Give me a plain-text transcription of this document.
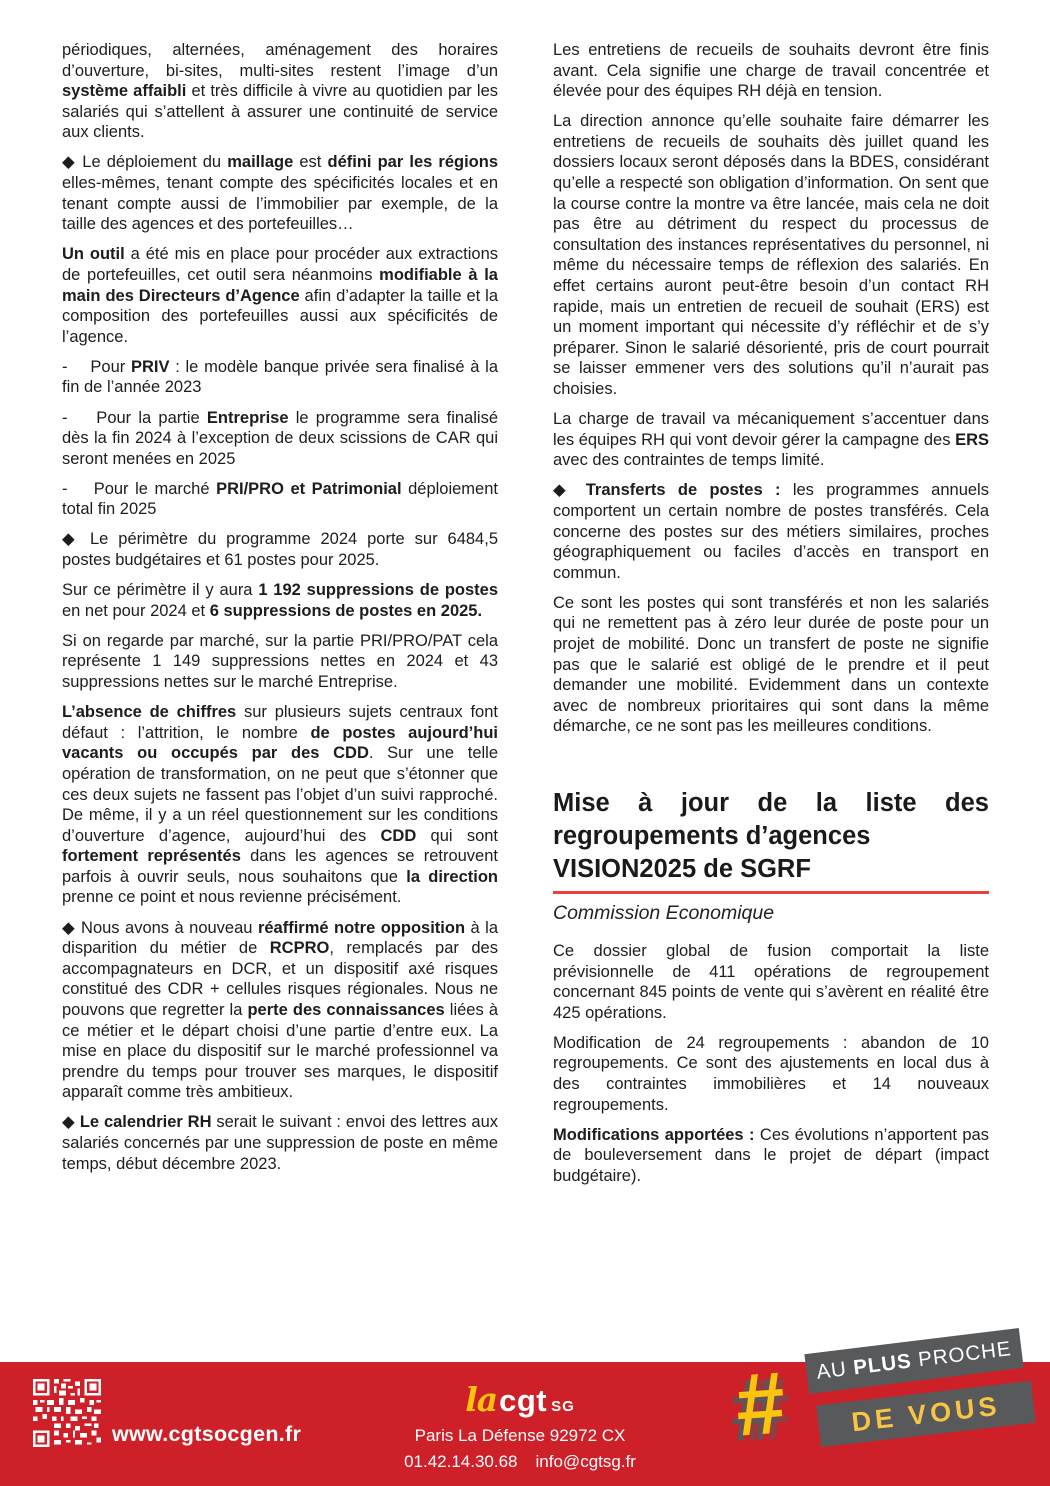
périodiques, alternées, aménagement des horaires d’ouverture, bi-sites, multi-sites restent l’image d’un système affaibli et très difficile à vivre au quotidien par les salariés qui s’attellent à assurer une continuité de service aux clients.

◆ Le déploiement du maillage est défini par les régions elles-mêmes, tenant compte des spécificités locales et en tenant compte aussi de l’immobilier par exemple, de la taille des agences et des portefeuilles…

Un outil a été mis en place pour procéder aux extractions de portefeuilles, cet outil sera néanmoins modifiable à la main des Directeurs d’Agence afin d’adapter la taille et la composition des portefeuilles aussi aux spécificités de l’agence.

-    Pour PRIV : le modèle banque privée sera finalisé à la fin de l’année 2023

-    Pour la partie Entreprise le programme sera finalisé dès la fin 2024 à l’exception de deux scissions de CAR qui seront menées en 2025

-    Pour le marché PRI/PRO et Patrimonial déploiement total fin 2025

◆ Le périmètre du programme 2024 porte sur 6484,5 postes budgétaires et 61 postes pour 2025.

Sur ce périmètre il y aura 1 192 suppressions de postes en net pour 2024 et 6 suppressions de postes en 2025.

Si on regarde par marché, sur la partie PRI/PRO/PAT cela représente 1 149 suppressions nettes en 2024 et 43 suppressions nettes sur le marché Entreprise.

L’absence de chiffres sur plusieurs sujets centraux font défaut : l’attrition, le nombre de postes aujourd’hui vacants ou occupés par des CDD. Sur une telle opération de transformation, on ne peut que s’étonner que ces deux sujets ne fassent pas l’objet d’un suivi rapproché. De même, il y a un réel questionnement sur les conditions d’ouverture d’agence, aujourd’hui des CDD qui sont fortement représentés dans les agences se retrouvent parfois à ouvrir seuls, nous souhaitons que la direction prenne ce point et nous revienne précisément.

◆ Nous avons à nouveau réaffirmé notre opposition à la disparition du métier de RCPRO, remplacés par des accompagnateurs en DCR, et un dispositif axé risques constitué des CDR + cellules risques régionales. Nous ne pouvons que regretter la perte des connaissances liées à ce métier et le départ choisi d’une partie d’entre eux. La mise en place du dispositif sur le marché professionnel va prendre du temps pour trouver ses marques, le dispositif apparaît comme très ambitieux.

◆ Le calendrier RH serait le suivant : envoi des lettres aux salariés concernés par une suppression de poste en même temps, début décembre 2023.

Les entretiens de recueils de souhaits devront être finis avant. Cela signifie une charge de travail concentrée et élevée pour des équipes RH déjà en tension.

La direction annonce qu’elle souhaite faire démarrer les entretiens de recueils de souhaits dès juillet quand les dossiers locaux seront déposés dans la BDES, considérant qu’elle a respecté son obligation d’information. On sent que la course contre la montre va être lancée, mais cela ne doit pas être au détriment du respect du processus de consultation des instances représentatives du personnel, ni même du nécessaire temps de réflexion des salariés. En effet certains auront peut-être besoin d’un contact RH rapide, mais un entretien de recueil de souhait (ERS) est un moment important qui nécessite d’y réfléchir et de s’y préparer. Sinon le salarié désorienté, pris de court pourrait se laisser emmener vers des solutions qu’il n’aurait pas choisies.

La charge de travail va mécaniquement s’accentuer dans les équipes RH qui vont devoir gérer la campagne des ERS avec des contraintes de temps limité.

◆ Transferts de postes : les programmes annuels comportent un certain nombre de postes transférés. Cela concerne des postes sur des métiers similaires, proches géographiquement ou faciles d’accès en transport en commun.

Ce sont les postes qui sont transférés et non les salariés qui ne remettent pas à zéro leur durée de poste pour un projet de mobilité. Donc un transfert de poste ne signifie pas que le salarié est obligé de le prendre et il peut demander une mobilité. Evidemment dans un contexte avec de nombreux prioritaires qui sont dans la même démarche, ce ne sont pas les meilleures conditions.

Mise à jour de la liste des
regroupements d’agences
VISION2025 de SGRF
Commission Economique

Ce dossier global de fusion comportait la liste prévisionnelle de 411 opérations de regroupement concernant 845 points de vente qui s’avèrent en réalité être 425 opérations.

Modification de 24 regroupements : abandon de 10 regroupements. Ce sont des ajustements en local dus à des contraintes immobilières et 14 nouveaux regroupements.

Modifications apportées : Ces évolutions n’apportent pas de bouleversement dans le projet de départ (impact budgétaire).

www.cgtsocgen.fr
lacgt SG
Paris La Défense 92972 CX
01.42.14.30.68 info@cgtsg.fr
# AU PLUS PROCHE
DE VOUS
